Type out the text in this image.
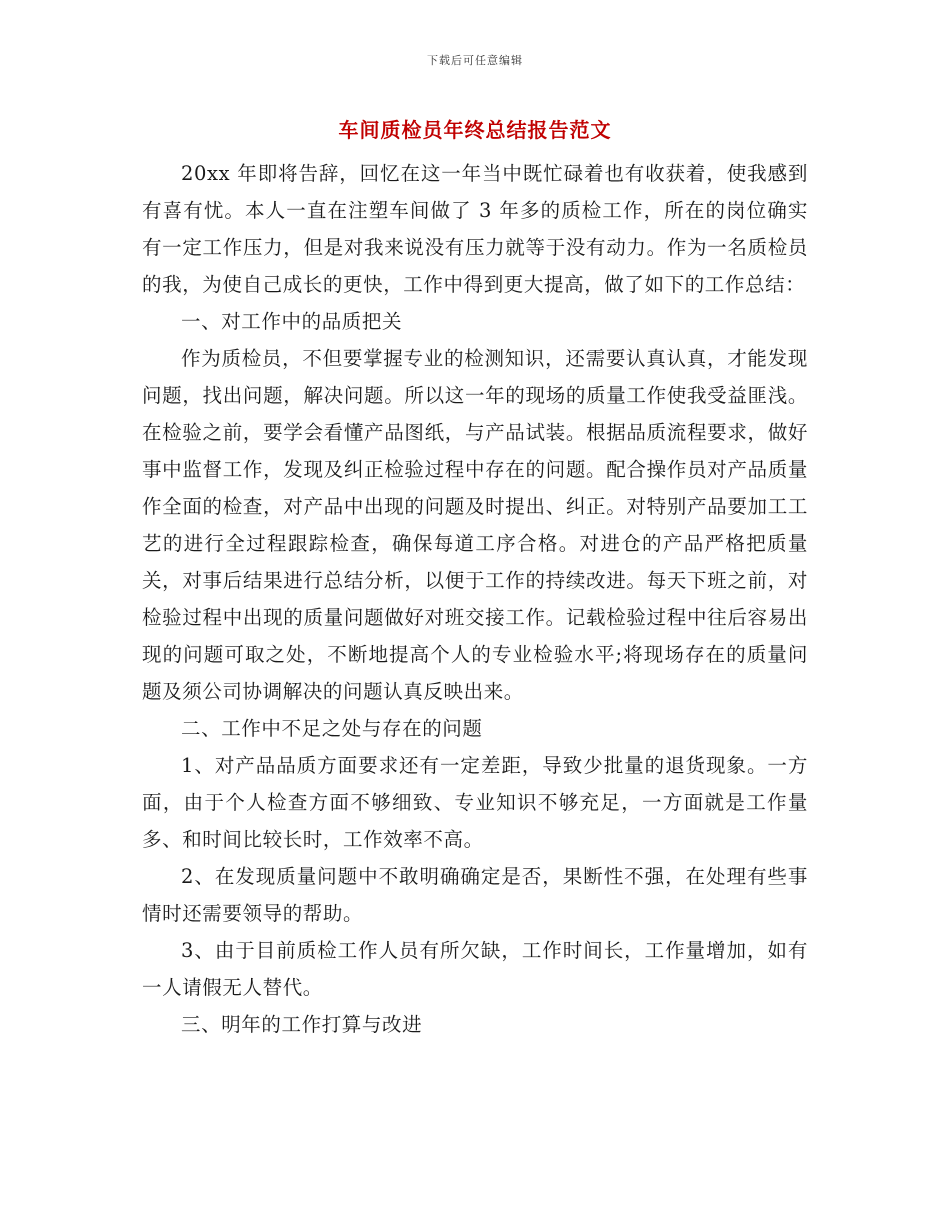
下载后可任意编辑
车间质检员年终总结报告范文

20xx 年即将告辞，回忆在这一年当中既忙碌着也有收获着，使我感到有喜有忧。本人一直在注塑车间做了 3 年多的质检工作，所在的岗位确实有一定工作压力，但是对我来说没有压力就等于没有动力。作为一名质检员的我，为使自己成长的更快，工作中得到更大提高，做了如下的工作总结：

一、对工作中的品质把关

作为质检员，不但要掌握专业的检测知识，还需要认真认真，才能发现问题，找出问题，解决问题。所以这一年的现场的质量工作使我受益匪浅。 在检验之前，要学会看懂产品图纸，与产品试装。根据品质流程要求，做好事中监督工作，发现及纠正检验过程中存在的问题。配合操作员对产品质量作全面的检查，对产品中出现的问题及时提出、纠正。对特别产品要加工工艺的进行全过程跟踪检查，确保每道工序合格。对进仓的产品严格把质量关，对事后结果进行总结分析，以便于工作的持续改进。每天下班之前，对检验过程中出现的质量问题做好对班交接工作。记载检验过程中往后容易出现的问题可取之处，不断地提高个人的专业检验水平;将现场存在的质量问题及须公司协调解决的问题认真反映出来。

二、工作中不足之处与存在的问题

1、对产品品质方面要求还有一定差距，导致少批量的退货现象。一方面，由于个人检查方面不够细致、专业知识不够充足，一方面就是工作量多、和时间比较长时，工作效率不高。

2、在发现质量问题中不敢明确确定是否，果断性不强，在处理有些事情时还需要领导的帮助。

3、由于目前质检工作人员有所欠缺，工作时间长，工作量增加，如有一人请假无人替代。

三、明年的工作打算与改进
